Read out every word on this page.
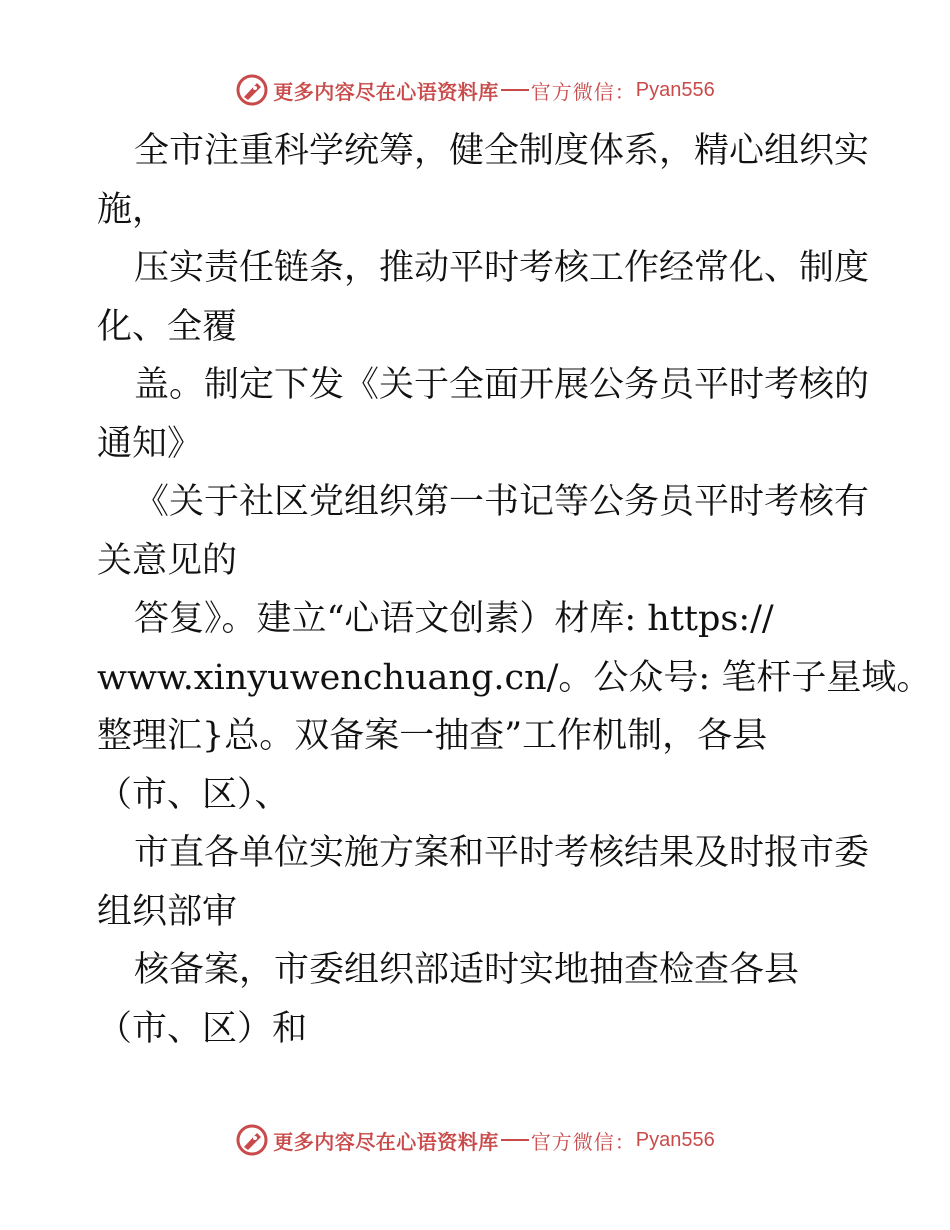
更多内容尽在心语资料库 官方微信： Pyan556
全市注重科学统筹，健全制度体系，精心组织实
施，
压实责任链条，推动平时考核工作经常化、制度
化、全覆
盖。制定下发《关于全面开展公务员平时考核的
通知》
《关于社区党组织第一书记等公务员平时考核有
关意见的
答复》。建立“心语文创素）材库: https://
www.xinyuwenchuang.cn/。公众号: 笔杆子星域。
整理汇}总。双备案一抽查”工作机制，各县
（市、区）、
市直各单位实施方案和平时考核结果及时报市委
组织部审
核备案，市委组织部适时实地抽查检查各县
（市、区）和
更多内容尽在心语资料库 官方微信： Pyan556
